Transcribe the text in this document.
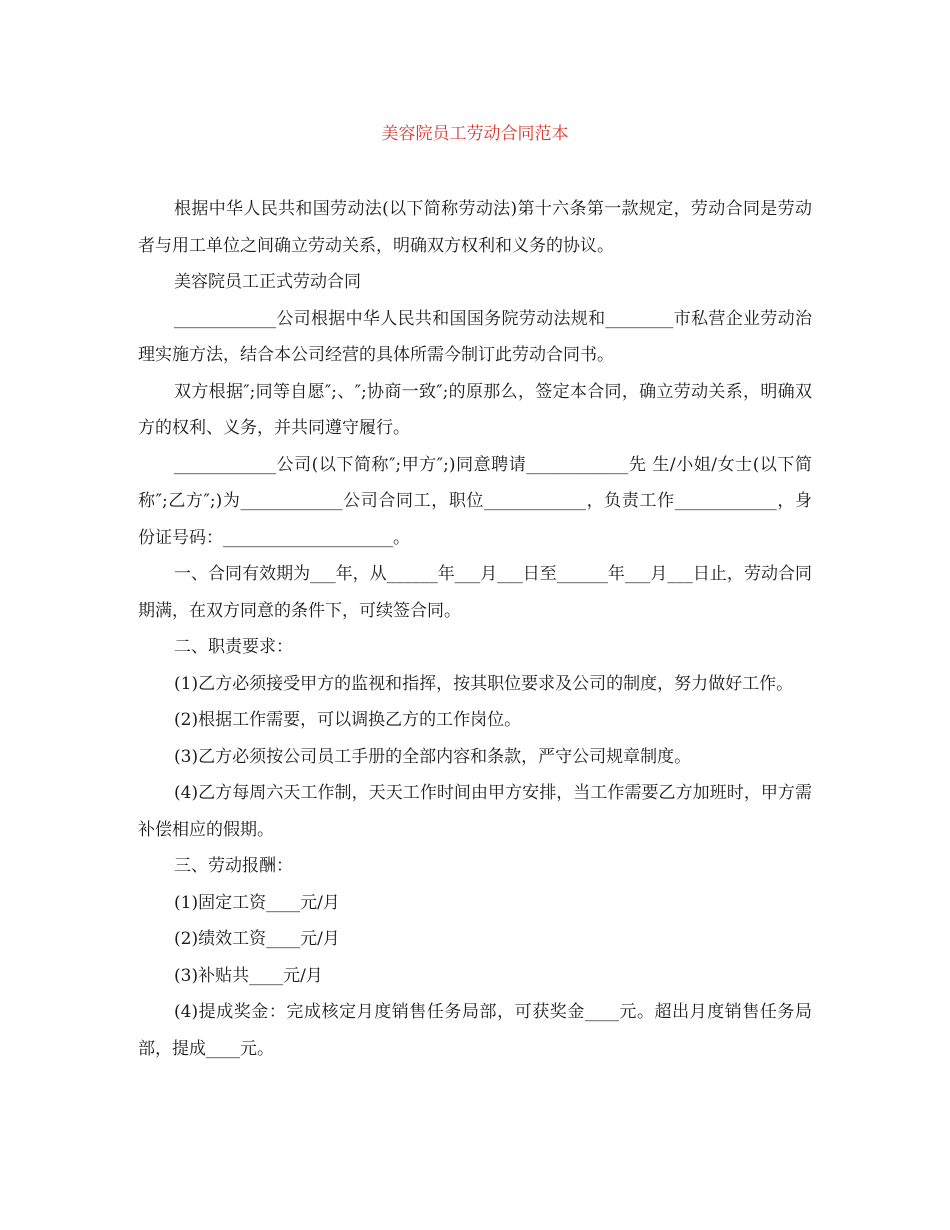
美容院员工劳动合同范本

根据中华人民共和国劳动法(以下简称劳动法)第十六条第一款规定，劳动合同是劳动者与用工单位之间确立劳动关系，明确双方权利和义务的协议。

美容院员工正式劳动合同

____________公司根据中华人民共和国国务院劳动法规和________市私营企业劳动治理实施方法，结合本公司经营的具体所需今制订此劳动合同书。

双方根据″;同等自愿″;、″;协商一致″;的原那么，签定本合同，确立劳动关系，明确双方的权利、义务，并共同遵守履行。

____________公司(以下简称″;甲方″;)同意聘请____________先 生/小姐/女士(以下简称″;乙方″;)为____________公司合同工，职位____________，负责工作____________，身份证号码：____________________。

一、合同有效期为___年，从______年___月___日至______年___月___日止，劳动合同期满，在双方同意的条件下，可续签合同。

二、职责要求：

(1)乙方必须接受甲方的监视和指挥，按其职位要求及公司的制度，努力做好工作。

(2)根据工作需要，可以调换乙方的工作岗位。

(3)乙方必须按公司员工手册的全部内容和条款，严守公司规章制度。

(4)乙方每周六天工作制，天天工作时间由甲方安排，当工作需要乙方加班时，甲方需补偿相应的假期。

三、劳动报酬：

(1)固定工资____元/月

(2)绩效工资____元/月

(3)补贴共____元/月

(4)提成奖金：完成核定月度销售任务局部，可获奖金____元。超出月度销售任务局部，提成____元。
